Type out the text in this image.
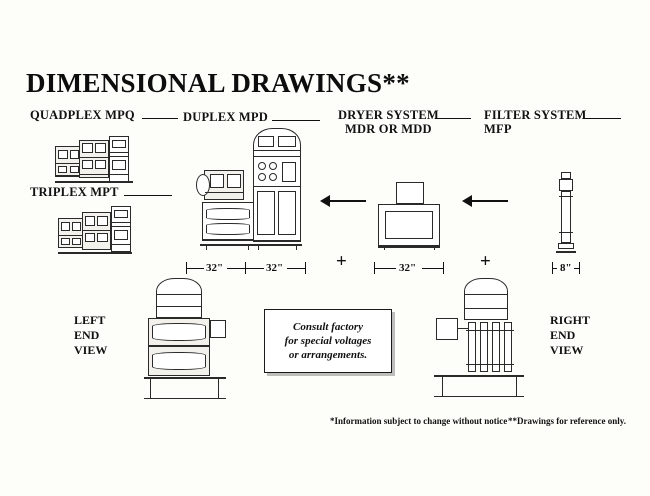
DIMENSIONAL DRAWINGS**
QUADPLEX MPQ
TRIPLEX MPT
DUPLEX MPD	DRYER SYSTEM
MDR OR MDD
FILTER SYSTEM
MFP
32"	32"	+	32"	+	8"
LEFT
END
VIEW
Consult factory
for special voltages
or arrangements.
RIGHT
END
VIEW
*Information subject to change without notice **Drawings for reference only.
